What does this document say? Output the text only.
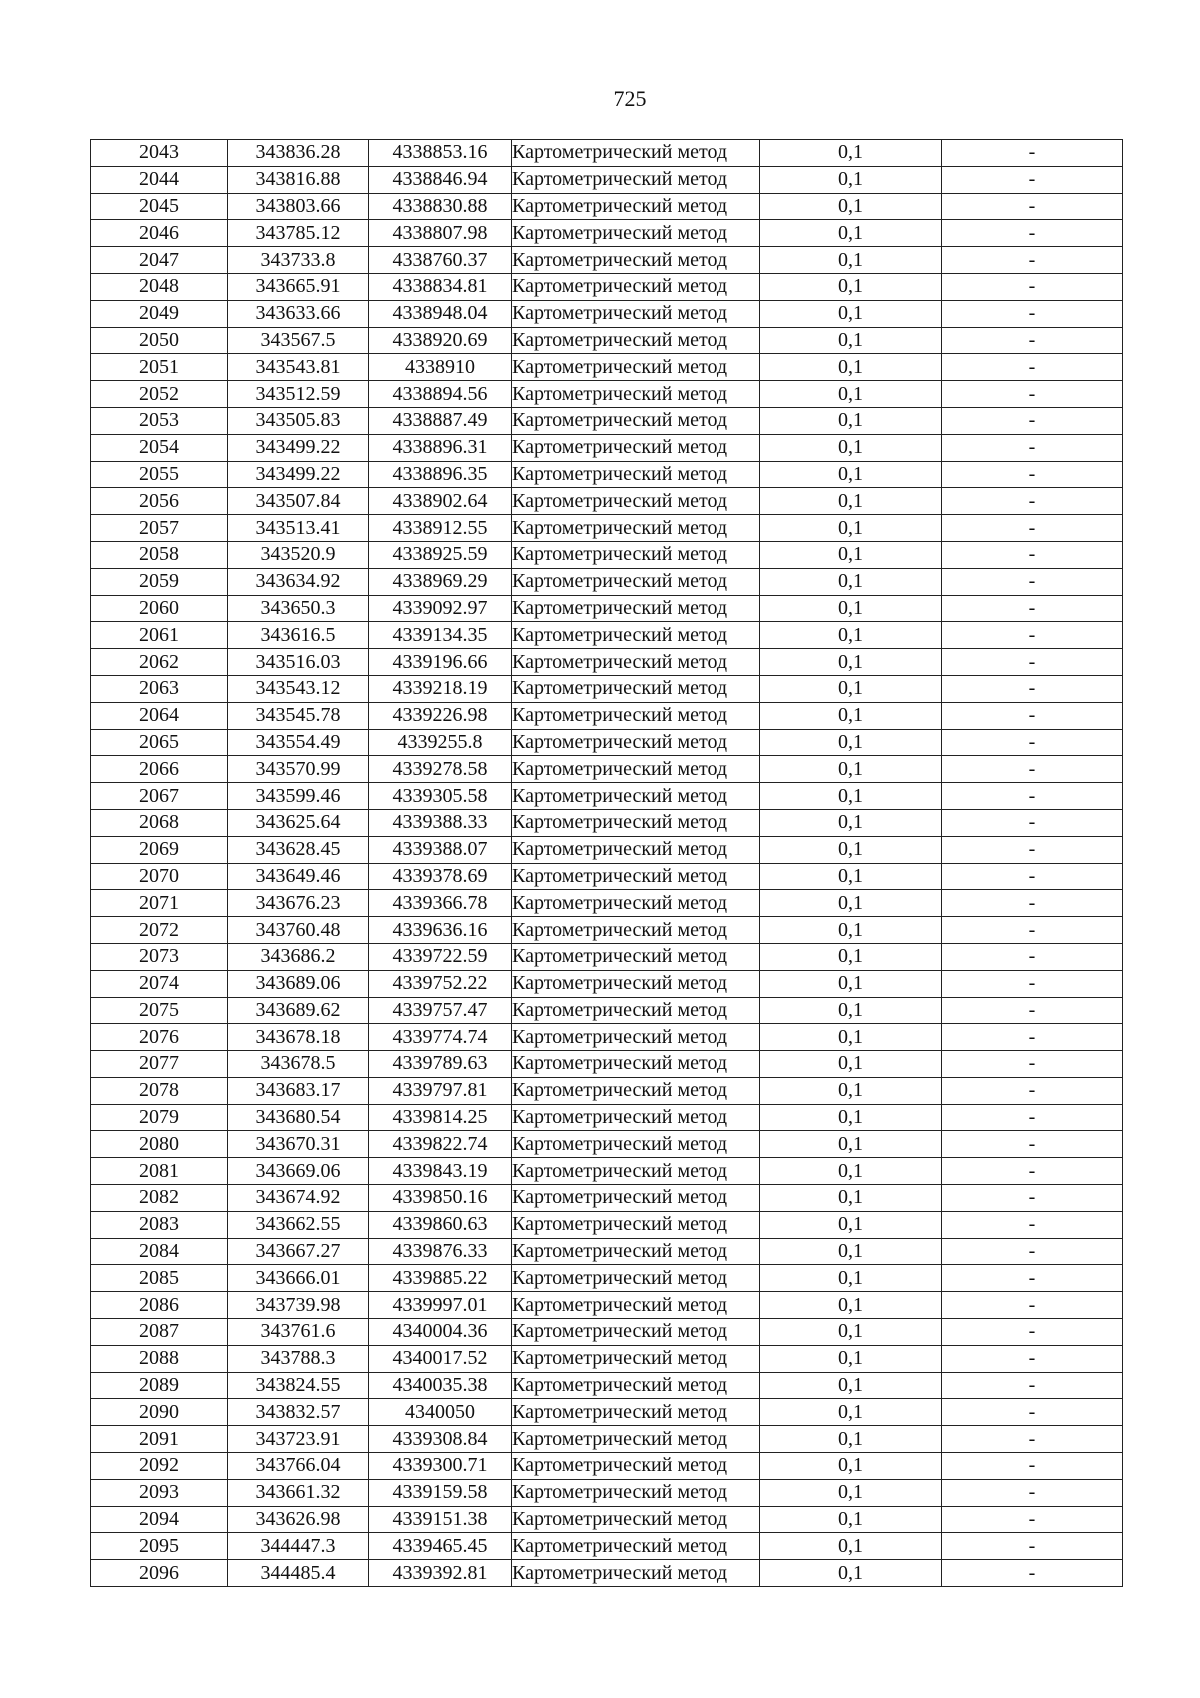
725
2043	343836.28	4338853.16	Картометрический метод	0,1	-
2044	343816.88	4338846.94	Картометрический метод	0,1	-
2045	343803.66	4338830.88	Картометрический метод	0,1	-
2046	343785.12	4338807.98	Картометрический метод	0,1	-
2047	343733.8	4338760.37	Картометрический метод	0,1	-
2048	343665.91	4338834.81	Картометрический метод	0,1	-
2049	343633.66	4338948.04	Картометрический метод	0,1	-
2050	343567.5	4338920.69	Картометрический метод	0,1	-
2051	343543.81	4338910	Картометрический метод	0,1	-
2052	343512.59	4338894.56	Картометрический метод	0,1	-
2053	343505.83	4338887.49	Картометрический метод	0,1	-
2054	343499.22	4338896.31	Картометрический метод	0,1	-
2055	343499.22	4338896.35	Картометрический метод	0,1	-
2056	343507.84	4338902.64	Картометрический метод	0,1	-
2057	343513.41	4338912.55	Картометрический метод	0,1	-
2058	343520.9	4338925.59	Картометрический метод	0,1	-
2059	343634.92	4338969.29	Картометрический метод	0,1	-
2060	343650.3	4339092.97	Картометрический метод	0,1	-
2061	343616.5	4339134.35	Картометрический метод	0,1	-
2062	343516.03	4339196.66	Картометрический метод	0,1	-
2063	343543.12	4339218.19	Картометрический метод	0,1	-
2064	343545.78	4339226.98	Картометрический метод	0,1	-
2065	343554.49	4339255.8	Картометрический метод	0,1	-
2066	343570.99	4339278.58	Картометрический метод	0,1	-
2067	343599.46	4339305.58	Картометрический метод	0,1	-
2068	343625.64	4339388.33	Картометрический метод	0,1	-
2069	343628.45	4339388.07	Картометрический метод	0,1	-
2070	343649.46	4339378.69	Картометрический метод	0,1	-
2071	343676.23	4339366.78	Картометрический метод	0,1	-
2072	343760.48	4339636.16	Картометрический метод	0,1	-
2073	343686.2	4339722.59	Картометрический метод	0,1	-
2074	343689.06	4339752.22	Картометрический метод	0,1	-
2075	343689.62	4339757.47	Картометрический метод	0,1	-
2076	343678.18	4339774.74	Картометрический метод	0,1	-
2077	343678.5	4339789.63	Картометрический метод	0,1	-
2078	343683.17	4339797.81	Картометрический метод	0,1	-
2079	343680.54	4339814.25	Картометрический метод	0,1	-
2080	343670.31	4339822.74	Картометрический метод	0,1	-
2081	343669.06	4339843.19	Картометрический метод	0,1	-
2082	343674.92	4339850.16	Картометрический метод	0,1	-
2083	343662.55	4339860.63	Картометрический метод	0,1	-
2084	343667.27	4339876.33	Картометрический метод	0,1	-
2085	343666.01	4339885.22	Картометрический метод	0,1	-
2086	343739.98	4339997.01	Картометрический метод	0,1	-
2087	343761.6	4340004.36	Картометрический метод	0,1	-
2088	343788.3	4340017.52	Картометрический метод	0,1	-
2089	343824.55	4340035.38	Картометрический метод	0,1	-
2090	343832.57	4340050	Картометрический метод	0,1	-
2091	343723.91	4339308.84	Картометрический метод	0,1	-
2092	343766.04	4339300.71	Картометрический метод	0,1	-
2093	343661.32	4339159.58	Картометрический метод	0,1	-
2094	343626.98	4339151.38	Картометрический метод	0,1	-
2095	344447.3	4339465.45	Картометрический метод	0,1	-
2096	344485.4	4339392.81	Картометрический метод	0,1	-
